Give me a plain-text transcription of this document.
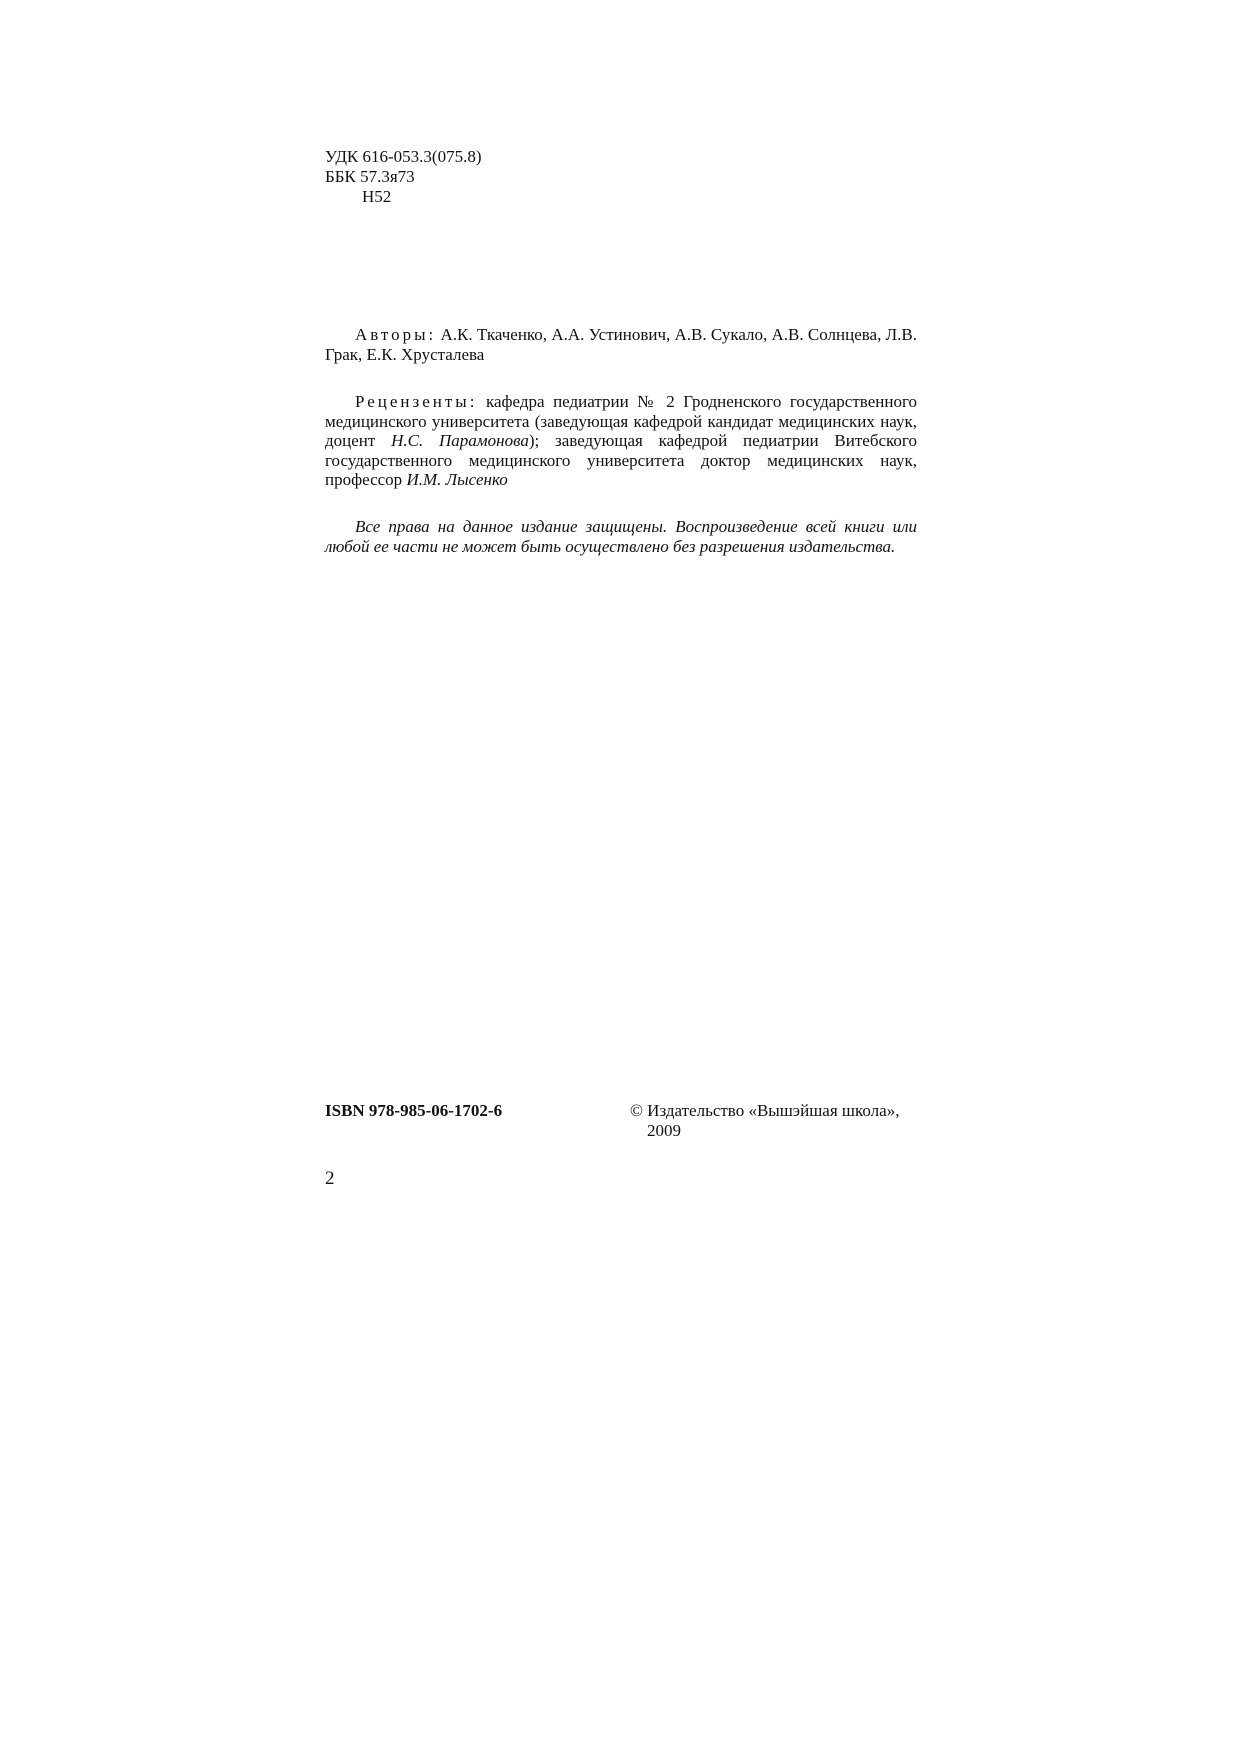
УДК 616-053.3(075.8)
ББК 57.3я73
Н52
Авторы: А.К. Ткаченко, А.А. Устинович, А.В. Сукало, А.В. Солнцева, Л.В. Грак, Е.К. Хрусталева
Рецензенты: кафедра педиатрии № 2 Гродненского государственного медицинского университета (заведующая кафедрой кандидат медицинских наук, доцент Н.С. Парамонова); заведующая кафедрой педиатрии Витебского государственного медицинского университета доктор медицинских наук, профессор И.М. Лысенко
Все права на данное издание защищены. Воспроизведение всей книги или любой ее части не может быть осуществлено без разрешения издательства.
ISBN 978-985-06-1702-6	© Издательство «Вышэйшая школа»,
2009
2
